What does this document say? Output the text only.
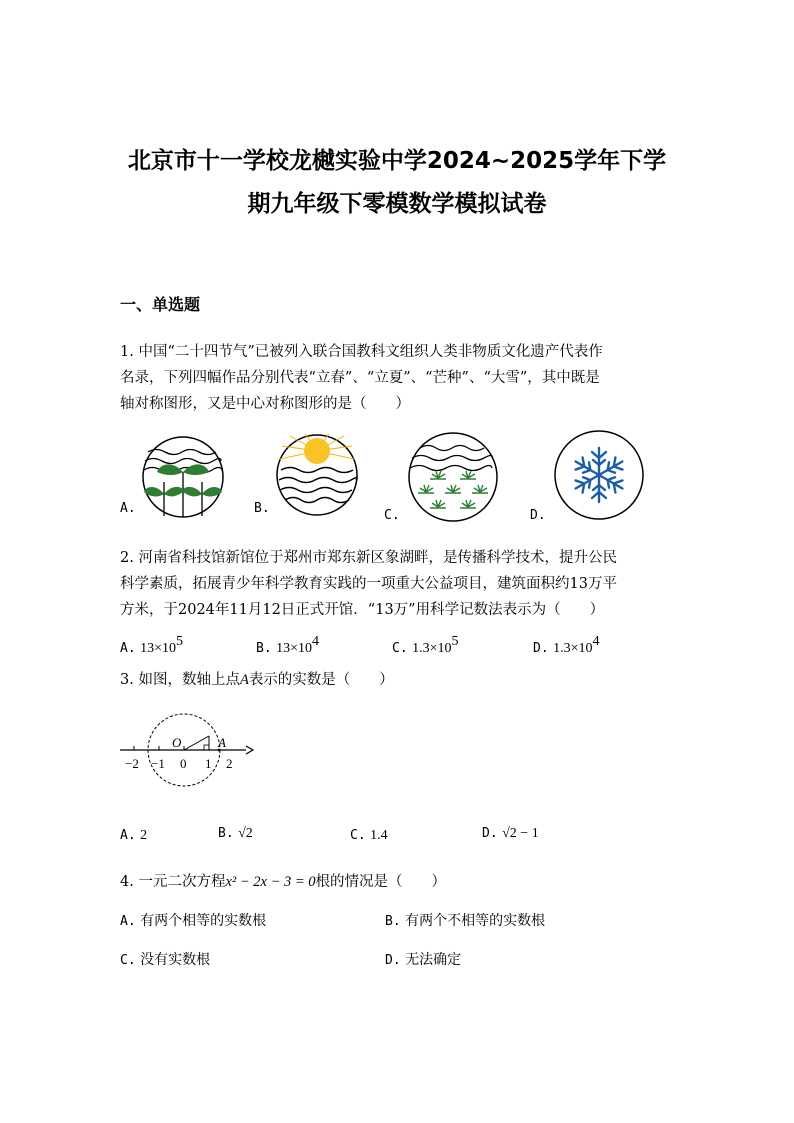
北京市十一学校龙樾实验中学2024~2025学年下学
期九年级下零模数学模拟试卷
一、单选题
1. 中国“二十四节气”已被列入联合国教科文组织人类非物质文化遗产代表作
名录，下列四幅作品分别代表“立春”、“立夏”、“芒种”、“大雪”，其中既是
轴对称图形，又是中心对称图形的是（　　）
A.	B.	C.	D.
2. 河南省科技馆新馆位于郑州市郑东新区象湖畔，是传播科学技术，提升公民
科学素质，拓展青少年科学教育实践的一项重大公益项目，建筑面积约13万平
方米，于2024年11月12日正式开馆．“13万”用科学记数法表示为（　　）
A. $13\times 10^5$	B. $13\times 10^4$	C. $1.3\times 10^5$	D. $1.3\times 10^4$
3. 如图，数轴上点A表示的实数是（　　）
O	A
−2 −1 0 1 2
A. 2	B. √2	C. 1.4	D. √2 − 1
4. 一元二次方程x² − 2x − 3 = 0根的情况是（　　）
A. 有两个相等的实数根	B. 有两个不相等的实数根
C. 没有实数根	D. 无法确定
